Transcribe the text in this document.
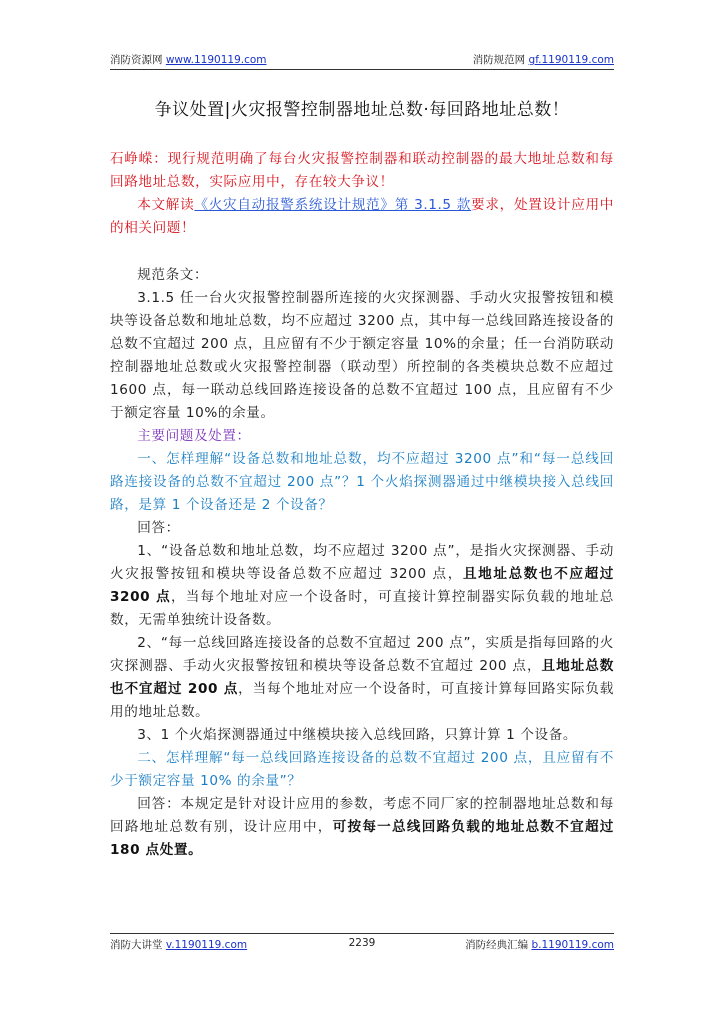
消防资源网 www.1190119.com	消防规范网 gf.1190119.com
争议处置|火灾报警控制器地址总数·每回路地址总数！

石峥嵘：现行规范明确了每台火灾报警控制器和联动控制器的最大地址总数和每回路地址总数，实际应用中，存在较大争议！

本文解读《火灾自动报警系统设计规范》第 3.1.5 款要求，处置设计应用中的相关问题！

规范条文：

3.1.5 任一台火灾报警控制器所连接的火灾探测器、手动火灾报警按钮和模块等设备总数和地址总数，均不应超过 3200 点，其中每一总线回路连接设备的总数不宜超过 200 点，且应留有不少于额定容量 10%的余量；任一台消防联动控制器地址总数或火灾报警控制器（联动型）所控制的各类模块总数不应超过 1600 点，每一联动总线回路连接设备的总数不宜超过 100 点，且应留有不少于额定容量 10%的余量。

主要问题及处置：

一、怎样理解“设备总数和地址总数，均不应超过 3200 点”和“每一总线回路连接设备的总数不宜超过 200 点”？1 个火焰探测器通过中继模块接入总线回路，是算 1 个设备还是 2 个设备？

回答：

1、“设备总数和地址总数，均不应超过 3200 点”，是指火灾探测器、手动火灾报警按钮和模块等设备总数不应超过 3200 点，且地址总数也不应超过 3200 点，当每个地址对应一个设备时，可直接计算控制器实际负载的地址总数，无需单独统计设备数。

2、“每一总线回路连接设备的总数不宜超过 200 点”，实质是指每回路的火灾探测器、手动火灾报警按钮和模块等设备总数不宜超过 200 点，且地址总数也不宜超过 200 点，当每个地址对应一个设备时，可直接计算每回路实际负载用的地址总数。

3、1 个火焰探测器通过中继模块接入总线回路，只算计算 1 个设备。

二、怎样理解“每一总线回路连接设备的总数不宜超过 200 点，且应留有不少于额定容量 10% 的余量”？

回答：本规定是针对设计应用的参数，考虑不同厂家的控制器地址总数和每回路地址总数有别，设计应用中，可按每一总线回路负载的地址总数不宜超过 180 点处置。

消防大讲堂 v.1190119.com	2239	消防经典汇编 b.1190119.com
